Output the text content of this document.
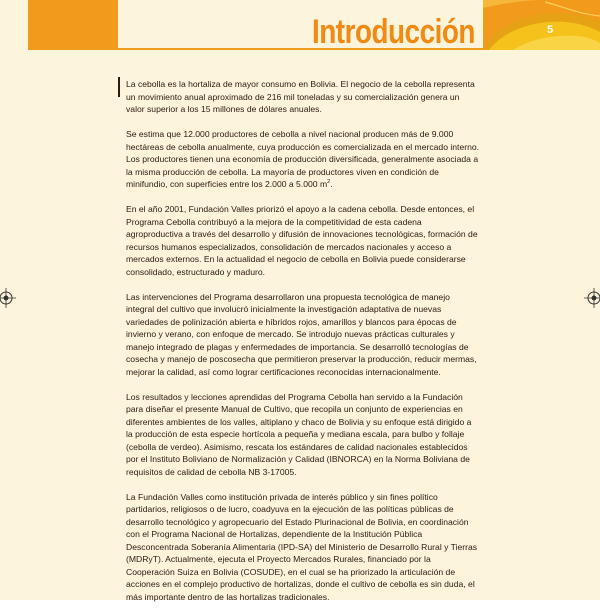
Introducción	5

La cebolla es la hortaliza de mayor consumo en Bolivia. El negocio de la cebolla representa un movimiento anual aproximado de 216 mil toneladas y su comercialización genera un valor superior a los 15 millones de dólares anuales.

Se estima que 12.000 productores de cebolla a nivel nacional producen más de 9.000 hectáreas de cebolla anualmente, cuya producción es comercializada en el mercado interno. Los productores tienen una economía de producción diversificada, generalmente asociada a la misma producción de cebolla. La mayoría de productores viven en condición de minifundio, con superficies entre los 2.000 a 5.000 $m^2$.

En el año 2001, Fundación Valles priorizó el apoyo a la cadena cebolla. Desde entonces, el Programa Cebolla contribuyó a la mejora de la competitividad de esta cadena agroproductiva a través del desarrollo y difusión de innovaciones tecnológicas, formación de recursos humanos especializados, consolidación de mercados nacionales y acceso a mercados externos. En la actualidad el negocio de cebolla en Bolivia puede considerarse consolidado, estructurado y maduro.

Las intervenciones del Programa desarrollaron una propuesta tecnológica de manejo integral del cultivo que involucró inicialmente la investigación adaptativa de nuevas variedades de polinización abierta e híbridos rojos, amarillos y blancos para épocas de invierno y verano, con enfoque de mercado. Se introdujo nuevas prácticas culturales y manejo integrado de plagas y enfermedades de importancia. Se desarrolló tecnologías de cosecha y manejo de poscosecha que permitieron preservar la producción, reducir mermas, mejorar la calidad, así como lograr certificaciones reconocidas internacionalmente.

Los resultados y lecciones aprendidas del Programa Cebolla han servido a la Fundación para diseñar el presente Manual de Cultivo, que recopila un conjunto de experiencias en diferentes ambientes de los valles, altiplano y chaco de Bolivia y su enfoque está dirigido a la producción de esta especie hortícola a pequeña y mediana escala, para bulbo y follaje (cebolla de verdeo). Asimismo, rescata los estándares de calidad nacionales establecidos por el Instituto Boliviano de Normalización y Calidad (IBNORCA) en la Norma Boliviana de requisitos de calidad de cebolla NB 3-17005.

La Fundación Valles como institución privada de interés público y sin fines político partidarios, religiosos o de lucro, coadyuva en la ejecución de las políticas públicas de desarrollo tecnológico y agropecuario del Estado Plurinacional de Bolivia, en coordinación con el Programa Nacional de Hortalizas, dependiente de la Institución Pública Desconcentrada Soberanía Alimentaria (IPD-SA) del Ministerio de Desarrollo Rural y Tierras (MDRyT). Actualmente, ejecuta el Proyecto Mercados Rurales, financiado por la Cooperación Suiza en Bolivia (COSUDE), en el cual se ha priorizado la articulación de acciones en el complejo productivo de hortalizas, donde el cultivo de cebolla es sin duda, el más importante dentro de las hortalizas tradicionales.
